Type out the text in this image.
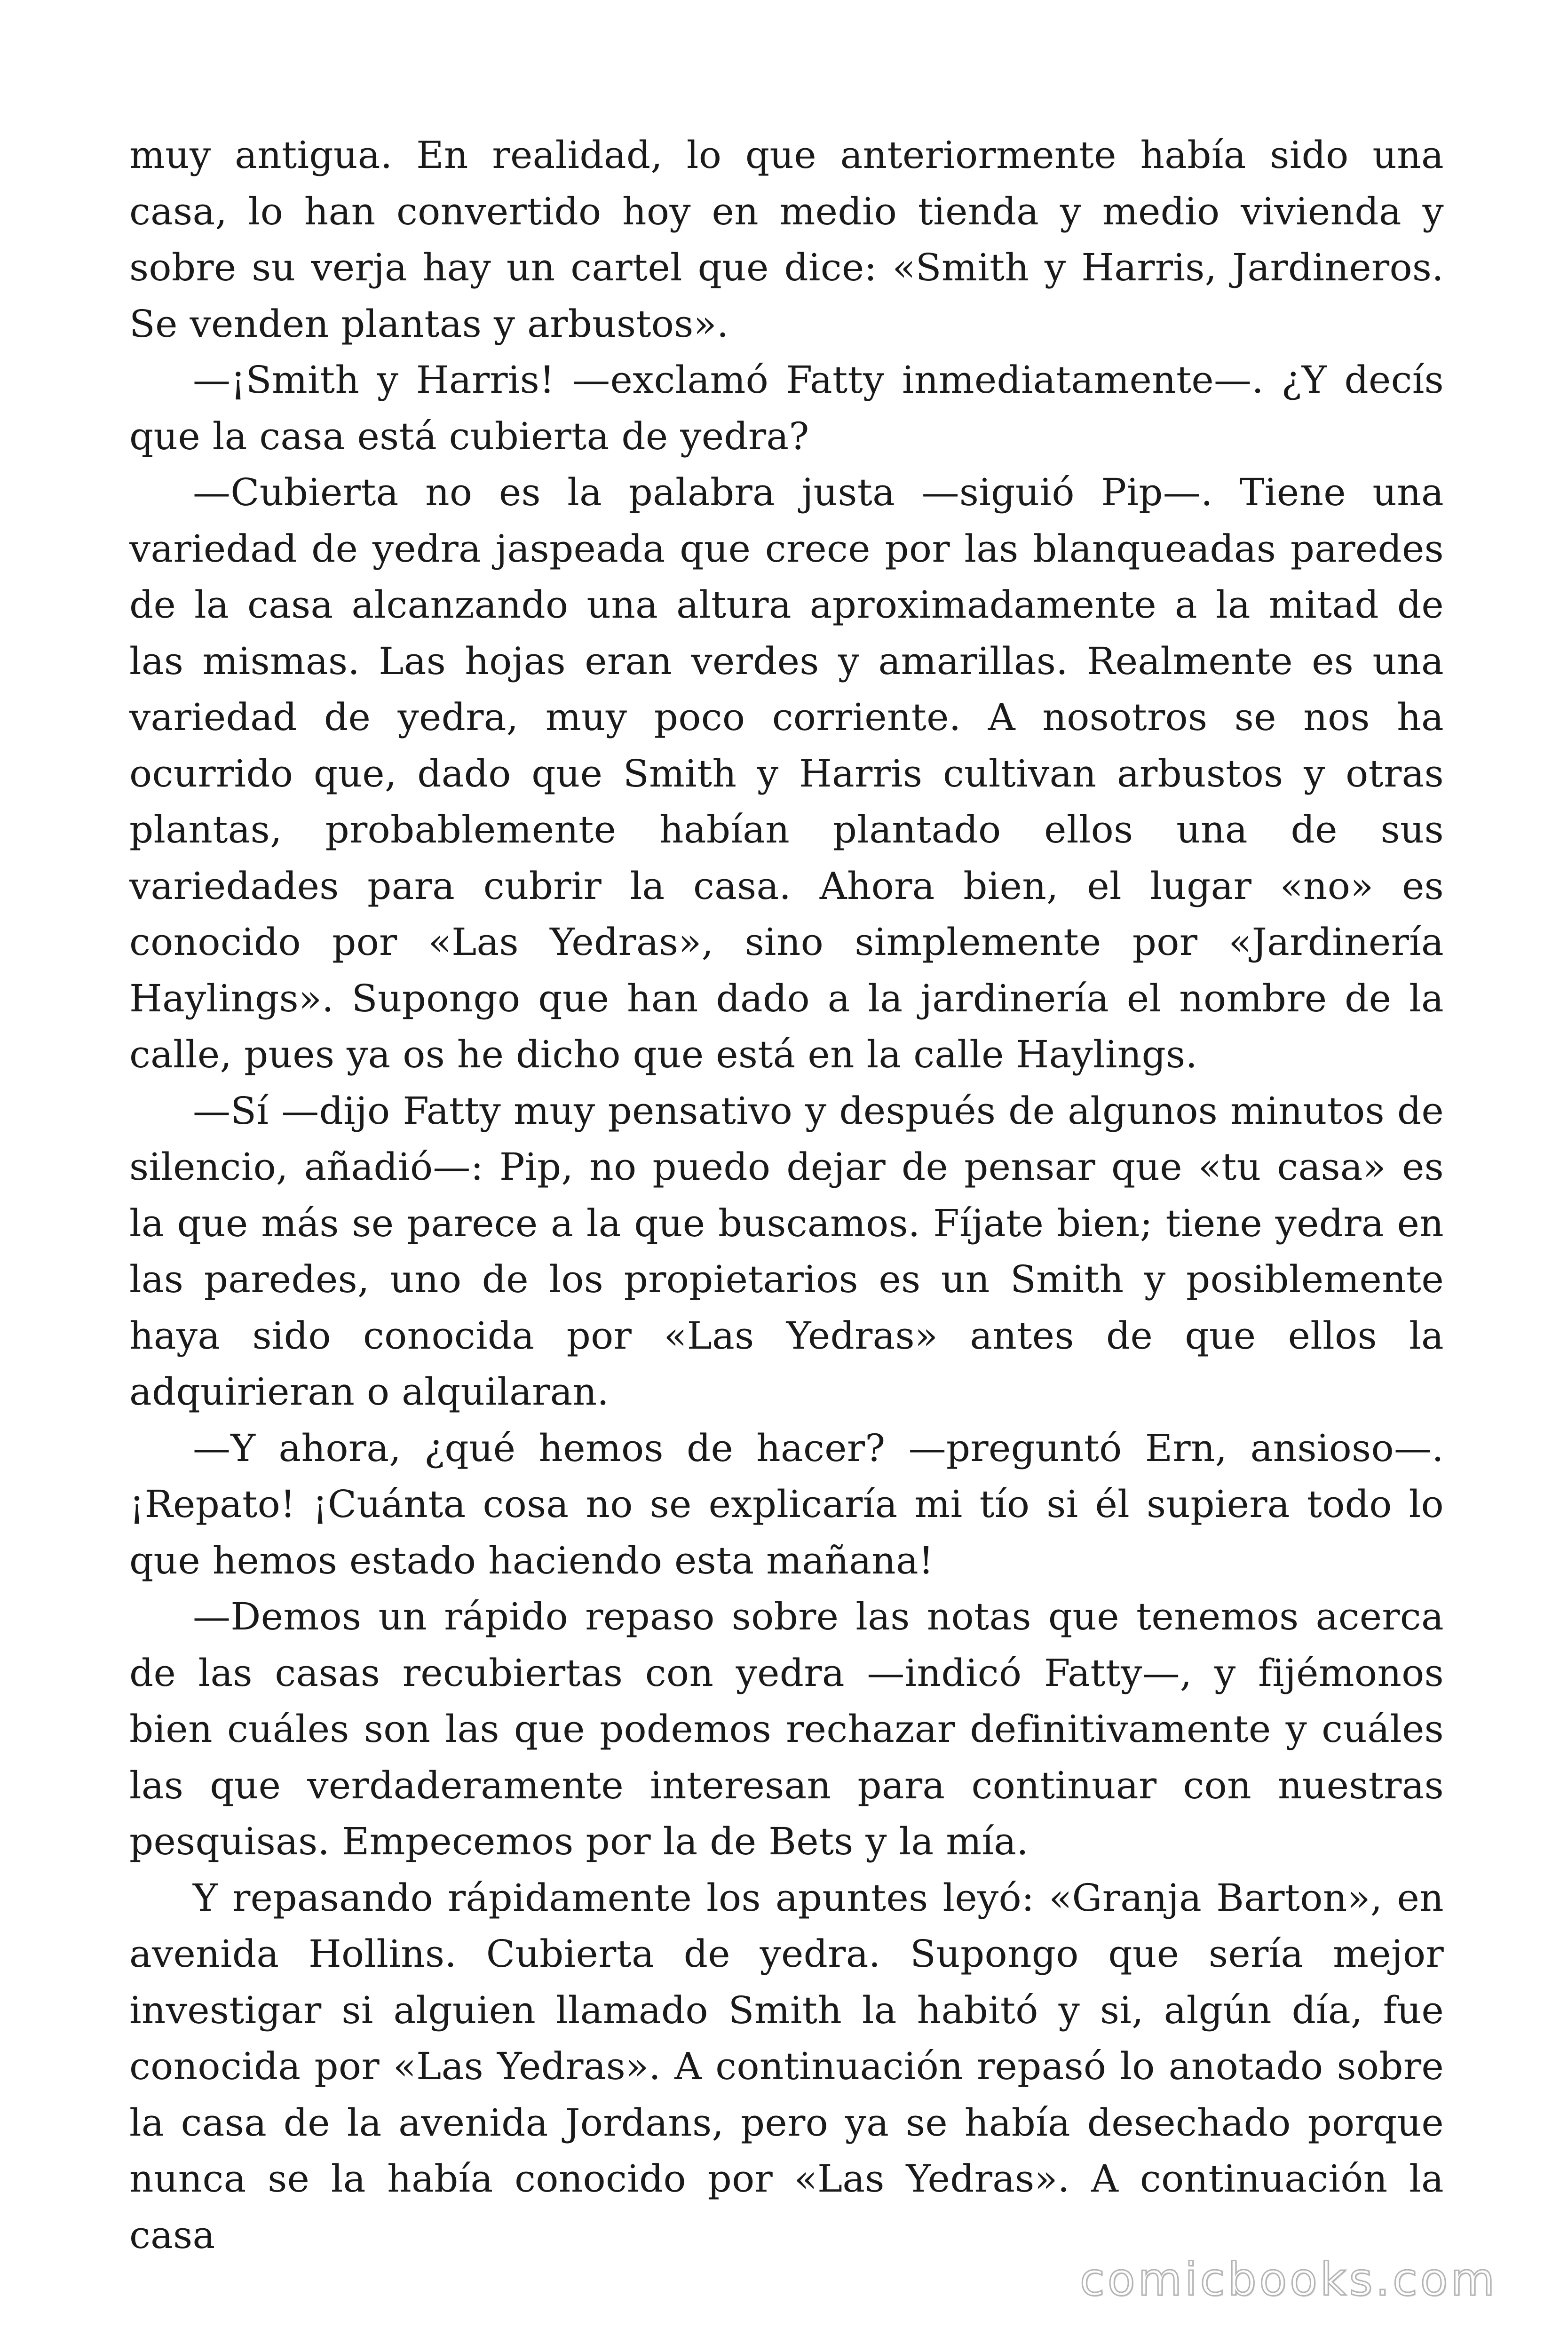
muy antigua. En realidad, lo que anteriormente había sido una casa, lo han convertido hoy en medio tienda y medio vivienda y sobre su verja hay un cartel que dice: «Smith y Harris, Jardineros. Se venden plantas y arbustos».

—¡Smith y Harris! —exclamó Fatty inmediatamente—. ¿Y decís que la casa está cubierta de yedra?

—Cubierta no es la palabra justa —siguió Pip—. Tiene una variedad de yedra jaspeada que crece por las blanqueadas paredes de la casa alcanzando una altura aproximadamente a la mitad de las mismas. Las hojas eran verdes y amarillas. Realmente es una variedad de yedra, muy poco corriente. A nosotros se nos ha ocurrido que, dado que Smith y Harris cultivan arbustos y otras plantas, probablemente habían plantado ellos una de sus variedades para cubrir la casa. Ahora bien, el lugar «no» es conocido por «Las Yedras», sino simplemente por «Jardinería Haylings». Supongo que han dado a la jardinería el nombre de la calle, pues ya os he dicho que está en la calle Haylings.

—Sí —dijo Fatty muy pensativo y después de algunos minutos de silencio, añadió—: Pip, no puedo dejar de pensar que «tu casa» es la que más se parece a la que buscamos. Fíjate bien; tiene yedra en las paredes, uno de los propietarios es un Smith y posiblemente haya sido conocida por «Las Yedras» antes de que ellos la adquirieran o alquilaran.

—Y ahora, ¿qué hemos de hacer? —preguntó Ern, ansioso—. ¡Repato! ¡Cuánta cosa no se explicaría mi tío si él supiera todo lo que hemos estado haciendo esta mañana!

—Demos un rápido repaso sobre las notas que tenemos acerca de las casas recubiertas con yedra —indicó Fatty—, y fijémonos bien cuáles son las que podemos rechazar definitivamente y cuáles las que verdaderamente interesan para continuar con nuestras pesquisas. Empecemos por la de Bets y la mía.

Y repasando rápidamente los apuntes leyó: «Granja Barton», en avenida Hollins. Cubierta de yedra. Supongo que sería mejor investigar si alguien llamado Smith la habitó y si, algún día, fue conocida por «Las Yedras». A continuación repasó lo anotado sobre la casa de la avenida Jordans, pero ya se había desechado porque nunca se la había conocido por «Las Yedras». A continuación la casa

comicbooks.com
